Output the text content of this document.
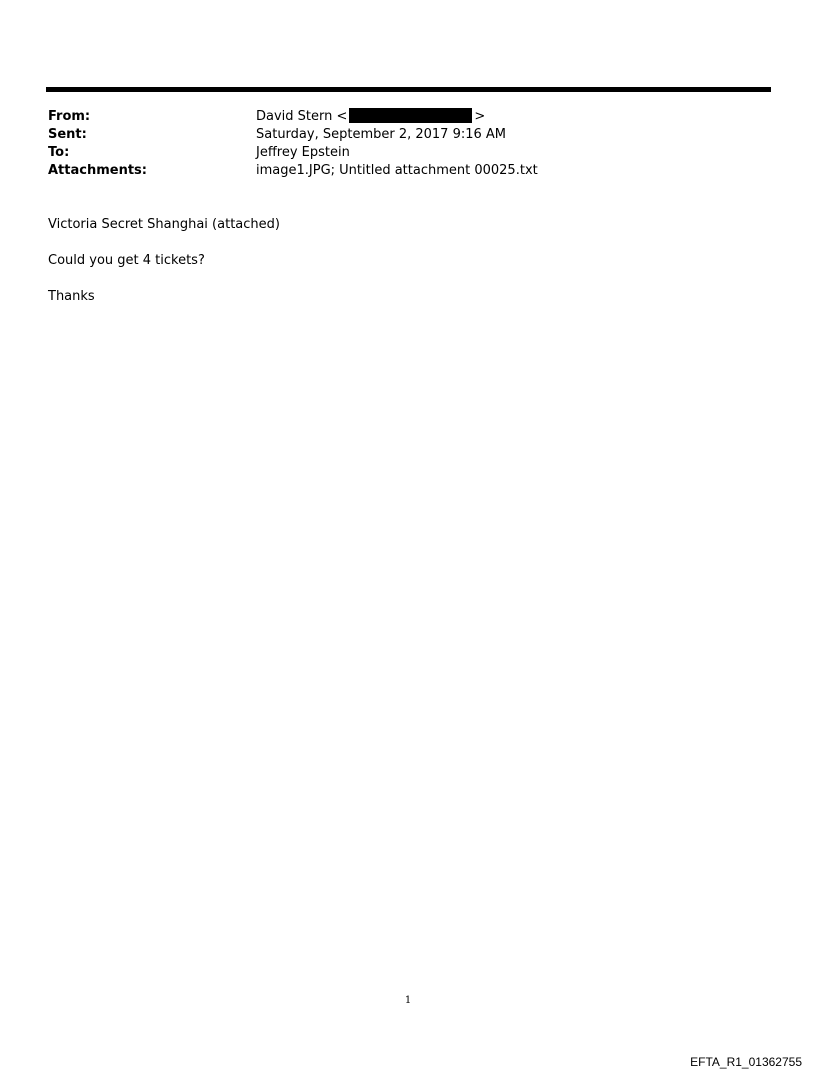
From:	David Stern <	>
Sent:	Saturday, September 2, 2017 9:16 AM
To:	Jeffrey Epstein
Attachments:	image1.JPG; Untitled attachment 00025.txt

Victoria Secret Shanghai (attached)

Could you get 4 tickets?

Thanks

1
EFTA_R1_01362755
